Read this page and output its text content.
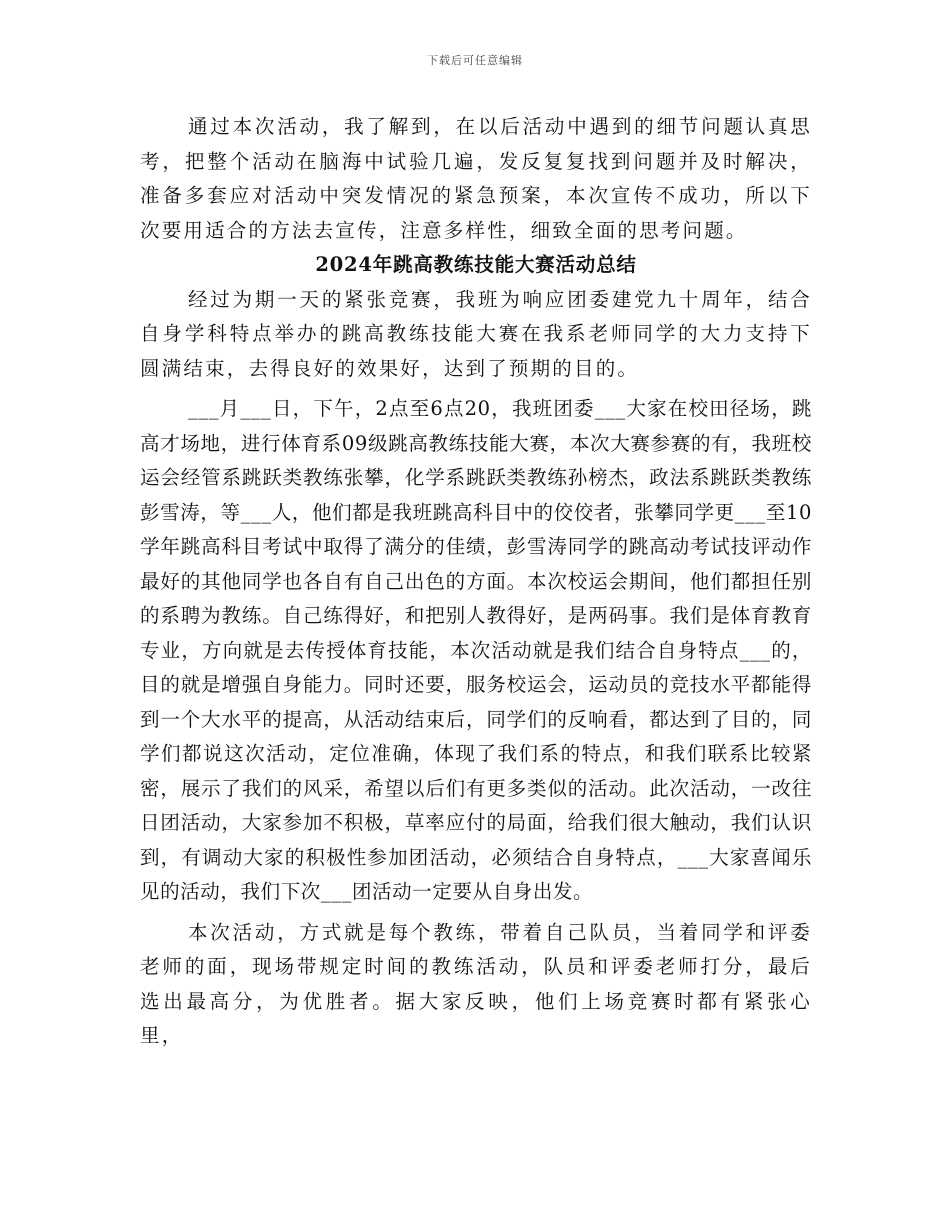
下载后可任意编辑

通过本次活动，我了解到，在以后活动中遇到的细节问题认真思考，把整个活动在脑海中试验几遍，发反复复找到问题并及时解决，准备多套应对活动中突发情况的紧急预案，本次宣传不成功，所以下次要用适合的方法去宣传，注意多样性，细致全面的思考问题。

2024年跳高教练技能大赛活动总结

经过为期一天的紧张竞赛，我班为响应团委建党九十周年，结合自身学科特点举办的跳高教练技能大赛在我系老师同学的大力支持下圆满结束，去得良好的效果好，达到了预期的目的。

___月___日，下午，2点至6点20，我班团委___大家在校田径场，跳高才场地，进行体育系09级跳高教练技能大赛，本次大赛参赛的有，我班校运会经管系跳跃类教练张攀，化学系跳跃类教练孙榜杰，政法系跳跃类教练彭雪涛，等___人，他们都是我班跳高科目中的佼佼者，张攀同学更___至10学年跳高科目考试中取得了满分的佳绩，彭雪涛同学的跳高动考试技评动作最好的其他同学也各自有自己出色的方面。本次校运会期间，他们都担任别的系聘为教练。自己练得好，和把别人教得好，是两码事。我们是体育教育专业，方向就是去传授体育技能，本次活动就是我们结合自身特点___的，目的就是增强自身能力。同时还要，服务校运会，运动员的竞技水平都能得到一个大水平的提高，从活动结束后，同学们的反响看，都达到了目的，同学们都说这次活动，定位准确，体现了我们系的特点，和我们联系比较紧密，展示了我们的风采，希望以后们有更多类似的活动。此次活动，一改往日团活动，大家参加不积极，草率应付的局面，给我们很大触动，我们认识到，有调动大家的积极性参加团活动，必须结合自身特点，___大家喜闻乐见的活动，我们下次___团活动一定要从自身出发。

本次活动，方式就是每个教练，带着自己队员，当着同学和评委老师的面，现场带规定时间的教练活动，队员和评委老师打分，最后选出最高分，为优胜者。据大家反映，他们上场竞赛时都有紧张心里，
